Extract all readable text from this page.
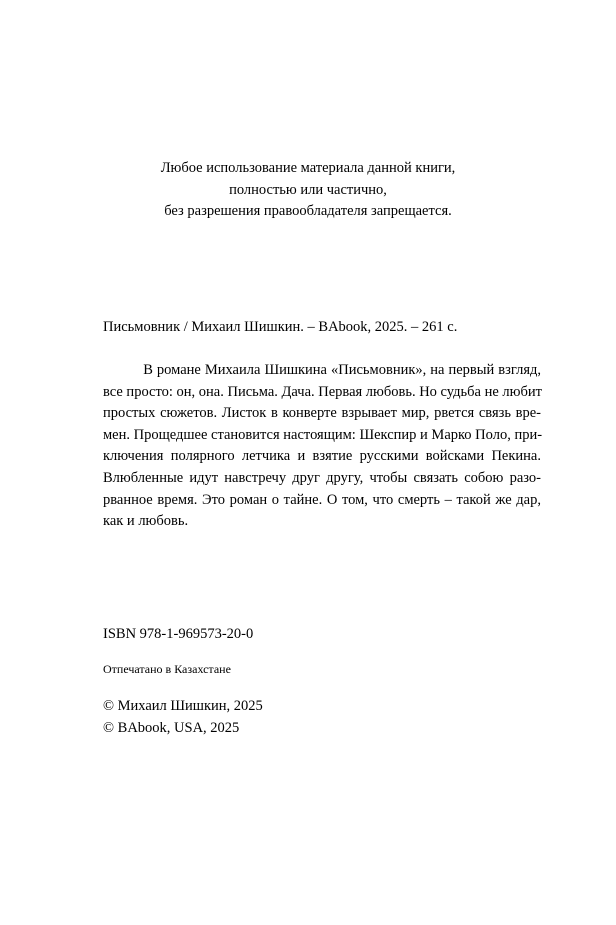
Любое использование материала данной книги,
полностью или частично,
без разрешения правообладателя запрещается.
Письмовник / Михаил Шишкин. – BAbook, 2025. – 261 с.
В романе Михаила Шишкина «Письмовник», на первый взгляд,
все просто: он, она. Письма. Дача. Первая любовь. Но судьба не любит
простых сюжетов. Листок в конверте взрывает мир, рвется связь вре-
мен. Прощедшее становится настоящим: Шекспир и Марко Поло, при-
ключения полярного летчика и взятие русскими войсками Пекина.
Влюбленные идут навстречу друг другу, чтобы связать собою разо-
рванное время. Это роман о тайне. О том, что смерть – такой же дар,
как и любовь.
ISBN 978-1-969573-20-0
Отпечатано в Казахстане
© Михаил Шишкин, 2025
© BAbook, USA, 2025
